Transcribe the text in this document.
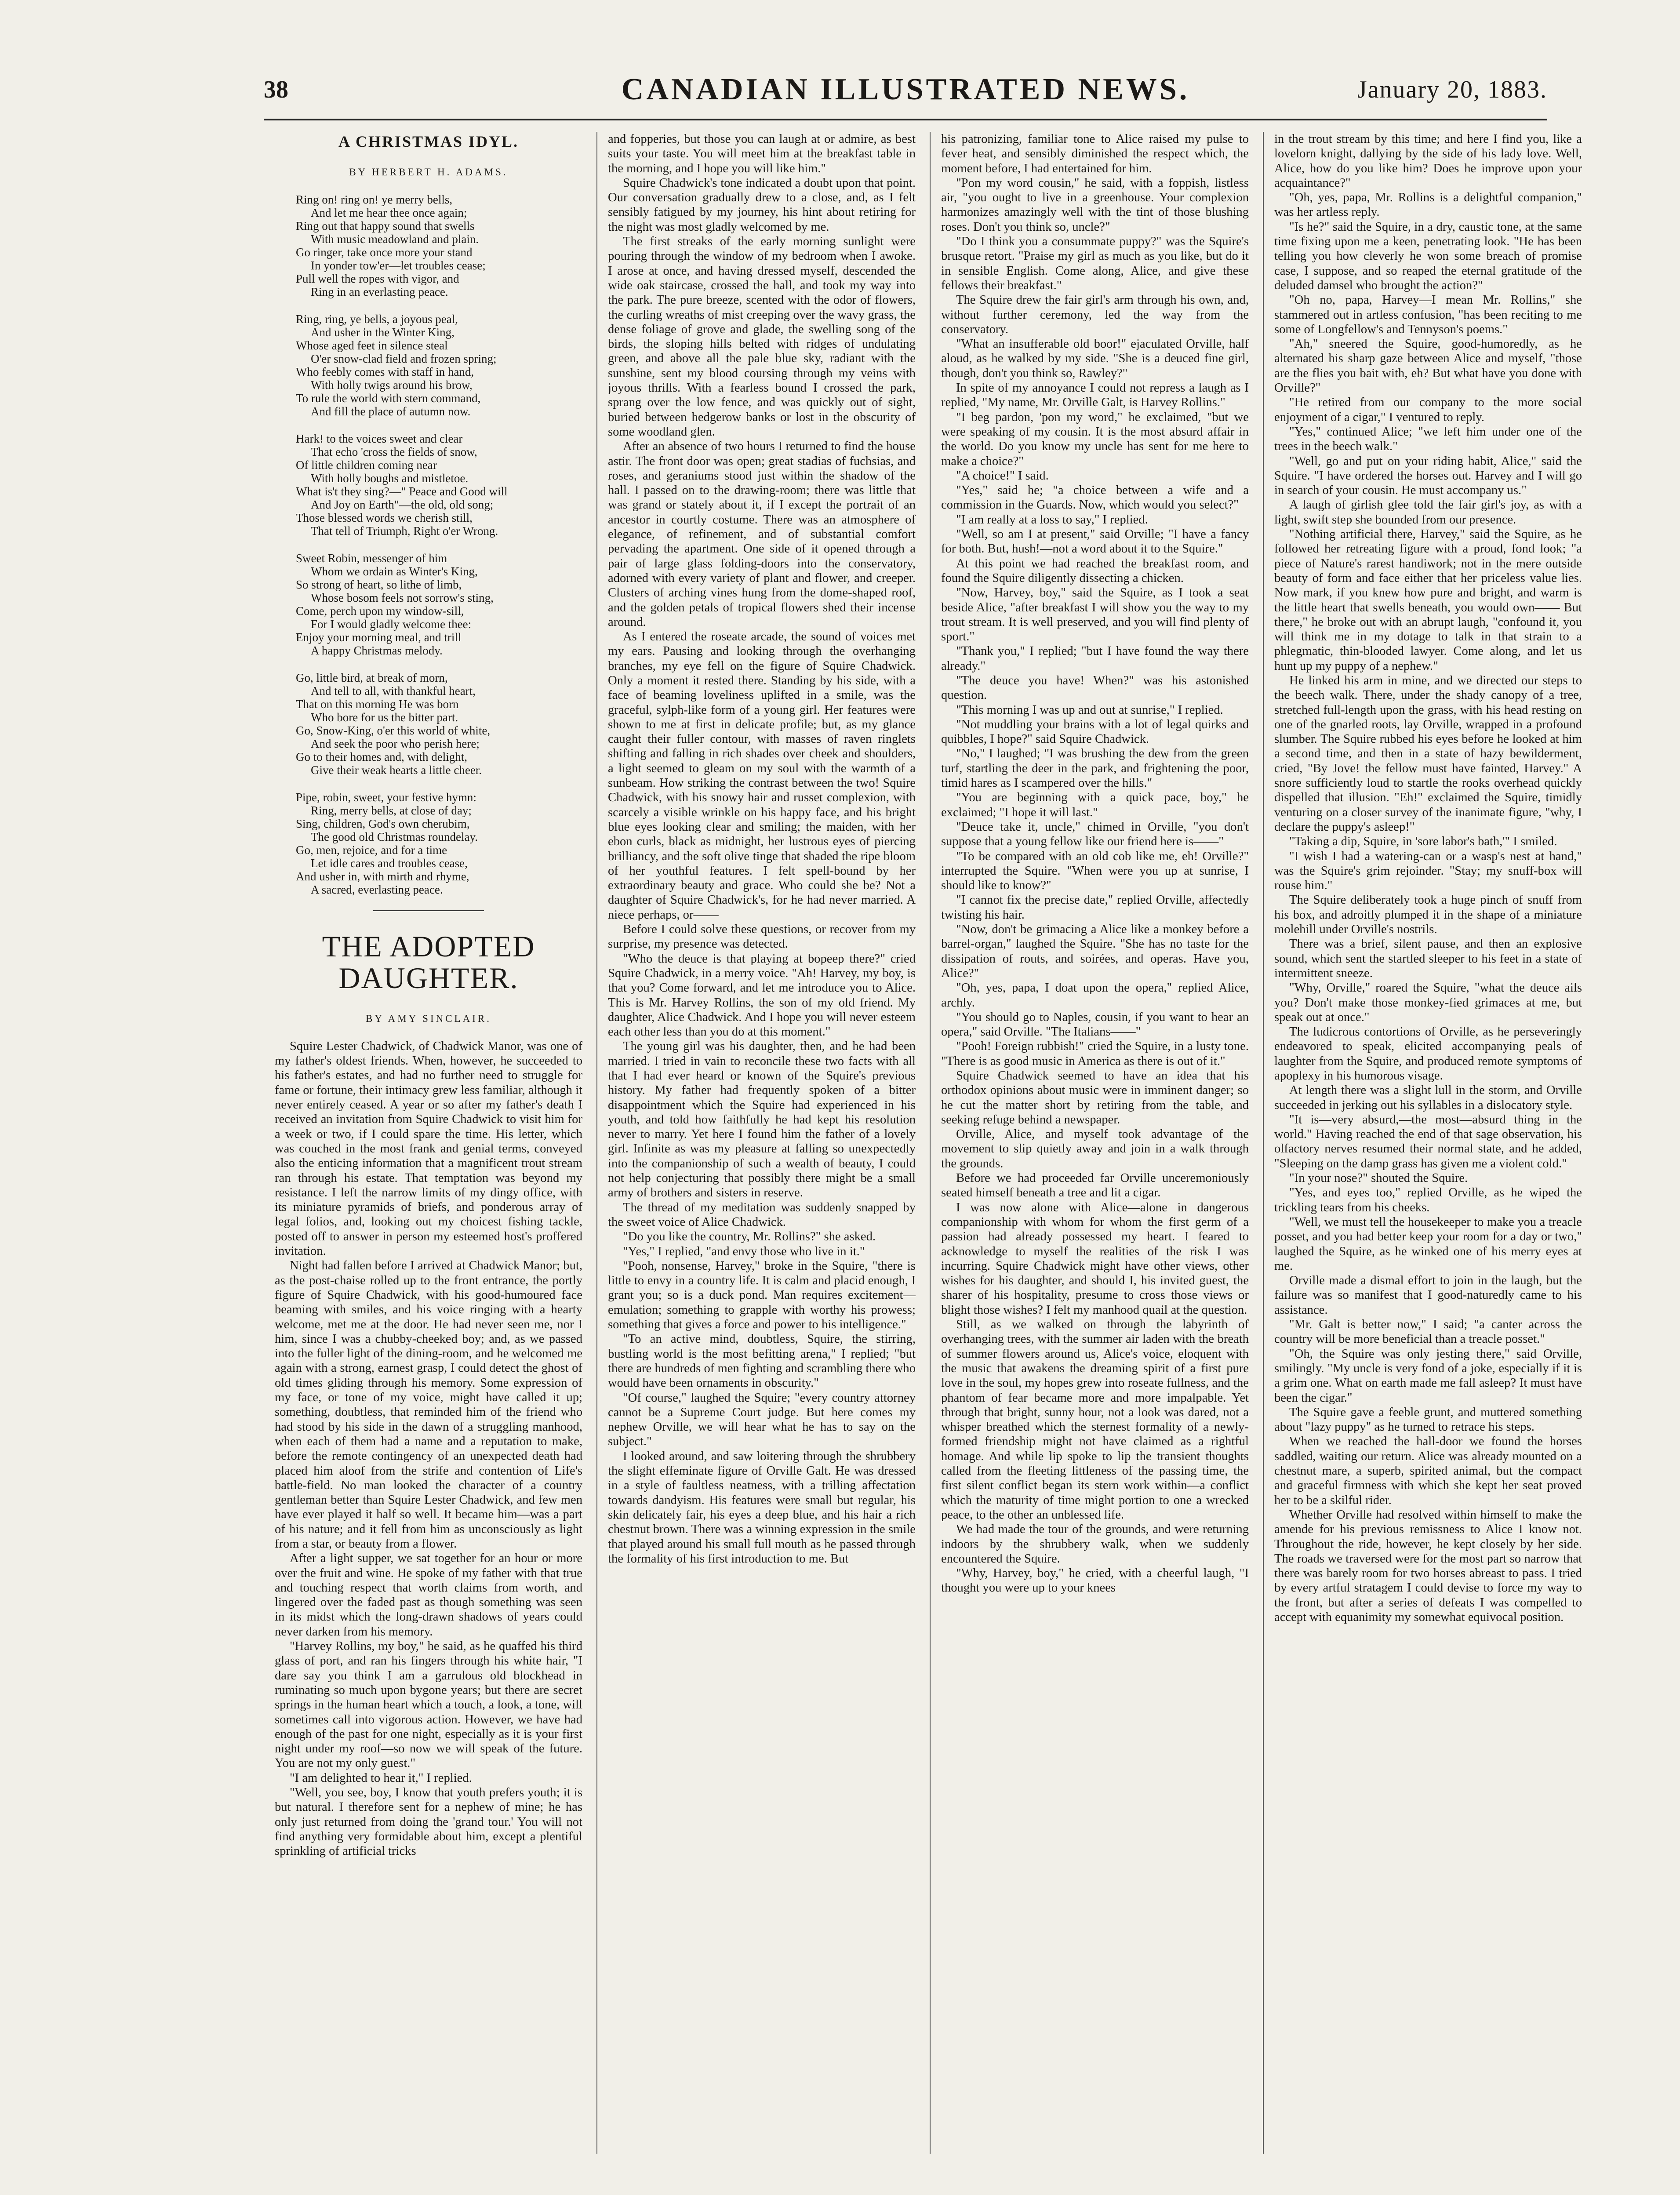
38	CANADIAN ILLUSTRATED NEWS.	January 20, 1883.
A CHRISTMAS IDYL.
BY HERBERT H. ADAMS.
Ring on! ring on! ye merry bells,
And let me hear thee once again;
Ring out that happy sound that swells
With music meadowland and plain.
Go ringer, take once more your stand
In yonder tow'er—let troubles cease;
Pull well the ropes with vigor, and
Ring in an everlasting peace.
Ring, ring, ye bells, a joyous peal,
And usher in the Winter King,
Whose aged feet in silence steal
O'er snow-clad field and frozen spring;
Who feebly comes with staff in hand,
With holly twigs around his brow,
To rule the world with stern command,
And fill the place of autumn now.
Hark! to the voices sweet and clear
That echo 'cross the fields of snow,
Of little children coming near
With holly boughs and mistletoe.
What is't they sing?—" Peace and Good will
And Joy on Earth"—the old, old song;
Those blessed words we cherish still,
That tell of Triumph, Right o'er Wrong.
Sweet Robin, messenger of him
Whom we ordain as Winter's King,
So strong of heart, so lithe of limb,
Whose bosom feels not sorrow's sting,
Come, perch upon my window-sill,
For I would gladly welcome thee:
Enjoy your morning meal, and trill
A happy Christmas melody.
Go, little bird, at break of morn,
And tell to all, with thankful heart,
That on this morning He was born
Who bore for us the bitter part.
Go, Snow-King, o'er this world of white,
And seek the poor who perish here;
Go to their homes and, with delight,
Give their weak hearts a little cheer.
Pipe, robin, sweet, your festive hymn:
Ring, merry bells, at close of day;
Sing, children, God's own cherubim,
The good old Christmas roundelay.
Go, men, rejoice, and for a time
Let idle cares and troubles cease,
And usher in, with mirth and rhyme,
A sacred, everlasting peace.
THE ADOPTED DAUGHTER.
BY AMY SINCLAIR.

Squire Lester Chadwick, of Chadwick Manor, was one of my father's oldest friends. When, however, he succeeded to his father's estates, and had no further need to struggle for fame or fortune, their intimacy grew less familiar, although it never entirely ceased. A year or so after my father's death I received an invitation from Squire Chadwick to visit him for a week or two, if I could spare the time. His letter, which was couched in the most frank and genial terms, conveyed also the enticing information that a magnificent trout stream ran through his estate. That temptation was beyond my resistance. I left the narrow limits of my dingy office, with its miniature pyramids of briefs, and ponderous array of legal folios, and, looking out my choicest fishing tackle, posted off to answer in person my esteemed host's proffered invitation.

Night had fallen before I arrived at Chadwick Manor; but, as the post-chaise rolled up to the front entrance, the portly figure of Squire Chadwick, with his good-humoured face beaming with smiles, and his voice ringing with a hearty welcome, met me at the door. He had never seen me, nor I him, since I was a chubby-cheeked boy; and, as we passed into the fuller light of the dining-room, and he welcomed me again with a strong, earnest grasp, I could detect the ghost of old times gliding through his memory. Some expression of my face, or tone of my voice, might have called it up; something, doubtless, that reminded him of the friend who had stood by his side in the dawn of a struggling manhood, when each of them had a name and a reputation to make, before the remote contingency of an unexpected death had placed him aloof from the strife and contention of Life's battle-field. No man looked the character of a country gentleman better than Squire Lester Chadwick, and few men have ever played it half so well. It became him—was a part of his nature; and it fell from him as unconsciously as light from a star, or beauty from a flower.

After a light supper, we sat together for an hour or more over the fruit and wine. He spoke of my father with that true and touching respect that worth claims from worth, and lingered over the faded past as though something was seen in its midst which the long-drawn shadows of years could never darken from his memory.

"Harvey Rollins, my boy," he said, as he quaffed his third glass of port, and ran his fingers through his white hair, "I dare say you think I am a garrulous old blockhead in ruminating so much upon bygone years; but there are secret springs in the human heart which a touch, a look, a tone, will sometimes call into vigorous action. However, we have had enough of the past for one night, especially as it is your first night under my roof—so now we will speak of the future. You are not my only guest."

"I am delighted to hear it," I replied.

"Well, you see, boy, I know that youth prefers youth; it is but natural. I therefore sent for a nephew of mine; he has only just returned from doing the 'grand tour.' You will not find anything very formidable about him, except a plentiful sprinkling of artificial tricks

and fopperies, but those you can laugh at or admire, as best suits your taste. You will meet him at the breakfast table in the morning, and I hope you will like him."

Squire Chadwick's tone indicated a doubt upon that point. Our conversation gradually drew to a close, and, as I felt sensibly fatigued by my journey, his hint about retiring for the night was most gladly welcomed by me.

The first streaks of the early morning sunlight were pouring through the window of my bedroom when I awoke. I arose at once, and having dressed myself, descended the wide oak staircase, crossed the hall, and took my way into the park. The pure breeze, scented with the odor of flowers, the curling wreaths of mist creeping over the wavy grass, the dense foliage of grove and glade, the swelling song of the birds, the sloping hills belted with ridges of undulating green, and above all the pale blue sky, radiant with the sunshine, sent my blood coursing through my veins with joyous thrills. With a fearless bound I crossed the park, sprang over the low fence, and was quickly out of sight, buried between hedgerow banks or lost in the obscurity of some woodland glen.

After an absence of two hours I returned to find the house astir. The front door was open; great stadias of fuchsias, and roses, and geraniums stood just within the shadow of the hall. I passed on to the drawing-room; there was little that was grand or stately about it, if I except the portrait of an ancestor in courtly costume. There was an atmosphere of elegance, of refinement, and of substantial comfort pervading the apartment. One side of it opened through a pair of large glass folding-doors into the conservatory, adorned with every variety of plant and flower, and creeper. Clusters of arching vines hung from the dome-shaped roof, and the golden petals of tropical flowers shed their incense around.

As I entered the roseate arcade, the sound of voices met my ears. Pausing and looking through the overhanging branches, my eye fell on the figure of Squire Chadwick. Only a moment it rested there. Standing by his side, with a face of beaming loveliness uplifted in a smile, was the graceful, sylph-like form of a young girl. Her features were shown to me at first in delicate profile; but, as my glance caught their fuller contour, with masses of raven ringlets shifting and falling in rich shades over cheek and shoulders, a light seemed to gleam on my soul with the warmth of a sunbeam. How striking the contrast between the two! Squire Chadwick, with his snowy hair and russet complexion, with scarcely a visible wrinkle on his happy face, and his bright blue eyes looking clear and smiling; the maiden, with her ebon curls, black as midnight, her lustrous eyes of piercing brilliancy, and the soft olive tinge that shaded the ripe bloom of her youthful features. I felt spell-bound by her extraordinary beauty and grace. Who could she be? Not a daughter of Squire Chadwick's, for he had never married. A niece perhaps, or——

Before I could solve these questions, or recover from my surprise, my presence was detected.

"Who the deuce is that playing at bopeep there?" cried Squire Chadwick, in a merry voice. "Ah! Harvey, my boy, is that you? Come forward, and let me introduce you to Alice. This is Mr. Harvey Rollins, the son of my old friend. My daughter, Alice Chadwick. And I hope you will never esteem each other less than you do at this moment."

The young girl was his daughter, then, and he had been married. I tried in vain to reconcile these two facts with all that I had ever heard or known of the Squire's previous history. My father had frequently spoken of a bitter disappointment which the Squire had experienced in his youth, and told how faithfully he had kept his resolution never to marry. Yet here I found him the father of a lovely girl. Infinite as was my pleasure at falling so unexpectedly into the companionship of such a wealth of beauty, I could not help conjecturing that possibly there might be a small army of brothers and sisters in reserve.

The thread of my meditation was suddenly snapped by the sweet voice of Alice Chadwick.

"Do you like the country, Mr. Rollins?" she asked.

"Yes," I replied, "and envy those who live in it."

"Pooh, nonsense, Harvey," broke in the Squire, "there is little to envy in a country life. It is calm and placid enough, I grant you; so is a duck pond. Man requires excitement—emulation; something to grapple with worthy his prowess; something that gives a force and power to his intelligence."

"To an active mind, doubtless, Squire, the stirring, bustling world is the most befitting arena," I replied; "but there are hundreds of men fighting and scrambling there who would have been ornaments in obscurity."

"Of course," laughed the Squire; "every country attorney cannot be a Supreme Court judge. But here comes my nephew Orville, we will hear what he has to say on the subject."

I looked around, and saw loitering through the shrubbery the slight effeminate figure of Orville Galt. He was dressed in a style of faultless neatness, with a trilling affectation towards dandyism. His features were small but regular, his skin delicately fair, his eyes a deep blue, and his hair a rich chestnut brown. There was a winning expression in the smile that played around his small full mouth as he passed through the formality of his first introduction to me. But

his patronizing, familiar tone to Alice raised my pulse to fever heat, and sensibly diminished the respect which, the moment before, I had entertained for him.

"Pon my word cousin," he said, with a foppish, listless air, "you ought to live in a greenhouse. Your complexion harmonizes amazingly well with the tint of those blushing roses. Don't you think so, uncle?"

"Do I think you a consummate puppy?" was the Squire's brusque retort. "Praise my girl as much as you like, but do it in sensible English. Come along, Alice, and give these fellows their breakfast."

The Squire drew the fair girl's arm through his own, and, without further ceremony, led the way from the conservatory.

"What an insufferable old boor!" ejaculated Orville, half aloud, as he walked by my side. "She is a deuced fine girl, though, don't you think so, Rawley?"

In spite of my annoyance I could not repress a laugh as I replied, "My name, Mr. Orville Galt, is Harvey Rollins."

"I beg pardon, 'pon my word," he exclaimed, "but we were speaking of my cousin. It is the most absurd affair in the world. Do you know my uncle has sent for me here to make a choice?"

"A choice!" I said.

"Yes," said he; "a choice between a wife and a commission in the Guards. Now, which would you select?"

"I am really at a loss to say," I replied.

"Well, so am I at present," said Orville; "I have a fancy for both. But, hush!—not a word about it to the Squire."

At this point we had reached the breakfast room, and found the Squire diligently dissecting a chicken.

"Now, Harvey, boy," said the Squire, as I took a seat beside Alice, "after breakfast I will show you the way to my trout stream. It is well preserved, and you will find plenty of sport."

"Thank you," I replied; "but I have found the way there already."

"The deuce you have! When?" was his astonished question.

"This morning I was up and out at sunrise," I replied.

"Not muddling your brains with a lot of legal quirks and quibbles, I hope?" said Squire Chadwick.

"No," I laughed; "I was brushing the dew from the green turf, startling the deer in the park, and frightening the poor, timid hares as I scampered over the hills."

"You are beginning with a quick pace, boy," he exclaimed; "I hope it will last."

"Deuce take it, uncle," chimed in Orville, "you don't suppose that a young fellow like our friend here is——"

"To be compared with an old cob like me, eh! Orville?" interrupted the Squire. "When were you up at sunrise, I should like to know?"

"I cannot fix the precise date," replied Orville, affectedly twisting his hair.

"Now, don't be grimacing a Alice like a monkey before a barrel-organ," laughed the Squire. "She has no taste for the dissipation of routs, and soirées, and operas. Have you, Alice?"

"Oh, yes, papa, I doat upon the opera," replied Alice, archly.

"You should go to Naples, cousin, if you want to hear an opera," said Orville. "The Italians——"

"Pooh! Foreign rubbish!" cried the Squire, in a lusty tone. "There is as good music in America as there is out of it."

Squire Chadwick seemed to have an idea that his orthodox opinions about music were in imminent danger; so he cut the matter short by retiring from the table, and seeking refuge behind a newspaper.

Orville, Alice, and myself took advantage of the movement to slip quietly away and join in a walk through the grounds.

Before we had proceeded far Orville unceremoniously seated himself beneath a tree and lit a cigar.

I was now alone with Alice—alone in dangerous companionship with whom for whom the first germ of a passion had already possessed my heart. I feared to acknowledge to myself the realities of the risk I was incurring. Squire Chadwick might have other views, other wishes for his daughter, and should I, his invited guest, the sharer of his hospitality, presume to cross those views or blight those wishes? I felt my manhood quail at the question.

Still, as we walked on through the labyrinth of overhanging trees, with the summer air laden with the breath of summer flowers around us, Alice's voice, eloquent with the music that awakens the dreaming spirit of a first pure love in the soul, my hopes grew into roseate fullness, and the phantom of fear became more and more impalpable. Yet through that bright, sunny hour, not a look was dared, not a whisper breathed which the sternest formality of a newly-formed friendship might not have claimed as a rightful homage. And while lip spoke to lip the transient thoughts called from the fleeting littleness of the passing time, the first silent conflict began its stern work within—a conflict which the maturity of time might portion to one a wrecked peace, to the other an unblessed life.

We had made the tour of the grounds, and were returning indoors by the shrubbery walk, when we suddenly encountered the Squire.

"Why, Harvey, boy," he cried, with a cheerful laugh, "I thought you were up to your knees

in the trout stream by this time; and here I find you, like a lovelorn knight, dallying by the side of his lady love. Well, Alice, how do you like him? Does he improve upon your acquaintance?"

"Oh, yes, papa, Mr. Rollins is a delightful companion," was her artless reply.

"Is he?" said the Squire, in a dry, caustic tone, at the same time fixing upon me a keen, penetrating look. "He has been telling you how cleverly he won some breach of promise case, I suppose, and so reaped the eternal gratitude of the deluded damsel who brought the action?"

"Oh no, papa, Harvey—I mean Mr. Rollins," she stammered out in artless confusion, "has been reciting to me some of Longfellow's and Tennyson's poems."

"Ah," sneered the Squire, good-humoredly, as he alternated his sharp gaze between Alice and myself, "those are the flies you bait with, eh? But what have you done with Orville?"

"He retired from our company to the more social enjoyment of a cigar," I ventured to reply.

"Yes," continued Alice; "we left him under one of the trees in the beech walk."

"Well, go and put on your riding habit, Alice," said the Squire. "I have ordered the horses out. Harvey and I will go in search of your cousin. He must accompany us."

A laugh of girlish glee told the fair girl's joy, as with a light, swift step she bounded from our presence.

"Nothing artificial there, Harvey," said the Squire, as he followed her retreating figure with a proud, fond look; "a piece of Nature's rarest handiwork; not in the mere outside beauty of form and face either that her priceless value lies. Now mark, if you knew how pure and bright, and warm is the little heart that swells beneath, you would own—— But there," he broke out with an abrupt laugh, "confound it, you will think me in my dotage to talk in that strain to a phlegmatic, thin-blooded lawyer. Come along, and let us hunt up my puppy of a nephew."

He linked his arm in mine, and we directed our steps to the beech walk. There, under the shady canopy of a tree, stretched full-length upon the grass, with his head resting on one of the gnarled roots, lay Orville, wrapped in a profound slumber. The Squire rubbed his eyes before he looked at him a second time, and then in a state of hazy bewilderment, cried, "By Jove! the fellow must have fainted, Harvey." A snore sufficiently loud to startle the rooks overhead quickly dispelled that illusion. "Eh!" exclaimed the Squire, timidly venturing on a closer survey of the inanimate figure, "why, I declare the puppy's asleep!"

"Taking a dip, Squire, in 'sore labor's bath,'" I smiled.

"I wish I had a watering-can or a wasp's nest at hand," was the Squire's grim rejoinder. "Stay; my snuff-box will rouse him."

The Squire deliberately took a huge pinch of snuff from his box, and adroitly plumped it in the shape of a miniature molehill under Orville's nostrils.

There was a brief, silent pause, and then an explosive sound, which sent the startled sleeper to his feet in a state of intermittent sneeze.

"Why, Orville," roared the Squire, "what the deuce ails you? Don't make those monkey-fied grimaces at me, but speak out at once."

The ludicrous contortions of Orville, as he perseveringly endeavored to speak, elicited accompanying peals of laughter from the Squire, and produced remote symptoms of apoplexy in his humorous visage.

At length there was a slight lull in the storm, and Orville succeeded in jerking out his syllables in a dislocatory style.

"It is—very absurd,—the most—absurd thing in the world." Having reached the end of that sage observation, his olfactory nerves resumed their normal state, and he added, "Sleeping on the damp grass has given me a violent cold."

"In your nose?" shouted the Squire.

"Yes, and eyes too," replied Orville, as he wiped the trickling tears from his cheeks.

"Well, we must tell the housekeeper to make you a treacle posset, and you had better keep your room for a day or two," laughed the Squire, as he winked one of his merry eyes at me.

Orville made a dismal effort to join in the laugh, but the failure was so manifest that I good-naturedly came to his assistance.

"Mr. Galt is better now," I said; "a canter across the country will be more beneficial than a treacle posset."

"Oh, the Squire was only jesting there," said Orville, smilingly. "My uncle is very fond of a joke, especially if it is a grim one. What on earth made me fall asleep? It must have been the cigar."

The Squire gave a feeble grunt, and muttered something about "lazy puppy" as he turned to retrace his steps.

When we reached the hall-door we found the horses saddled, waiting our return. Alice was already mounted on a chestnut mare, a superb, spirited animal, but the compact and graceful firmness with which she kept her seat proved her to be a skilful rider.

Whether Orville had resolved within himself to make the amende for his previous remissness to Alice I know not. Throughout the ride, however, he kept closely by her side. The roads we traversed were for the most part so narrow that there was barely room for two horses abreast to pass. I tried by every artful stratagem I could devise to force my way to the front, but after a series of defeats I was compelled to accept with equanimity my somewhat equivocal position.
